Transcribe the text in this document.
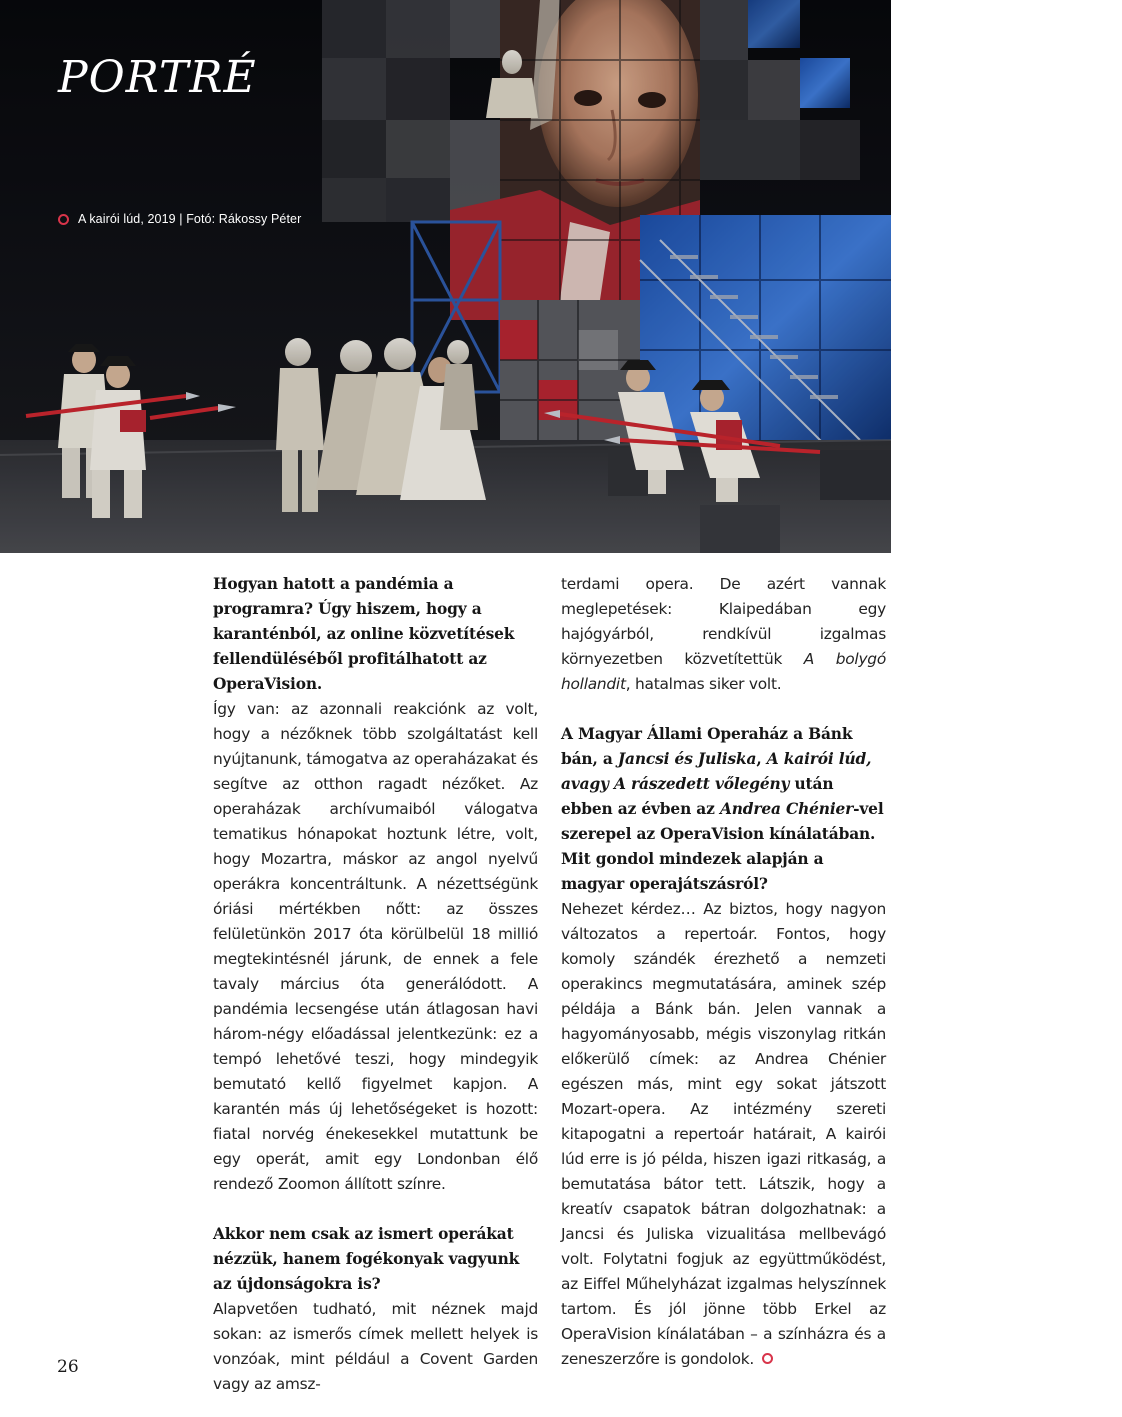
PORTRÉ
A kairói lúd, 2019 | Fotó: Rákossy Péter

Hogyan hatott a pandémia a programra? Úgy hiszem, hogy a karanténból, az online közvetítések fellendüléséből profitálhatott az OperaVision.

Így van: az azonnali reakciónk az volt, hogy a nézőknek több szolgáltatást kell nyújtanunk, támogatva az operaházakat és segítve az otthon ragadt nézőket. Az operaházak archívumaiból válogatva tematikus hónapokat hoztunk létre, volt, hogy Mozartra, máskor az angol nyelvű operákra koncentráltunk. A nézettségünk óriási mértékben nőtt: az összes felületünkön 2017 óta körülbelül 18 millió megtekintésnél járunk, de ennek a fele tavaly március óta generálódott. A pandémia lecsengése után átlagosan havi három-négy előadással jelentkezünk: ez a tempó lehetővé teszi, hogy mindegyik bemutató kellő figyelmet kapjon. A karantén más új lehetőségeket is hozott: fiatal norvég énekesekkel mutattunk be egy operát, amit egy Londonban élő rendező Zoomon állított színre.

Akkor nem csak az ismert operákat nézzük, hanem fogékonyak vagyunk az újdonságokra is?

Alapvetően tudható, mit néznek majd sokan: az ismerős címek mellett helyek is vonzóak, mint például a Covent Garden vagy az amsz-

terdami opera. De azért vannak meglepetések: Klaipedában egy hajógyárból, rendkívül izgalmas környezetben közvetítettük A bolygó hollandit, hatalmas siker volt.

A Magyar Állami Operaház a Bánk bán, a Jancsi és Juliska, A kairói lúd, avagy A rászedett vőlegény után ebben az évben az Andrea Chénier-vel szerepel az OperaVision kínálatában. Mit gondol mindezek alapján a magyar operajátszásról?

Nehezet kérdez… Az biztos, hogy nagyon változatos a repertoár. Fontos, hogy komoly szándék érezhető a nemzeti operakincs megmutatására, aminek szép példája a Bánk bán. Jelen vannak a hagyományosabb, mégis viszonylag ritkán előkerülő címek: az Andrea Chénier egészen más, mint egy sokat játszott Mozart-opera. Az intézmény szereti kitapogatni a repertoár határait, A kairói lúd erre is jó példa, hiszen igazi ritkaság, a bemutatása bátor tett. Látszik, hogy a kreatív csapatok bátran dolgozhatnak: a Jancsi és Juliska vizualitása mellbevágó volt. Folytatni fogjuk az együttműködést, az Eiffel Műhelyházat izgalmas helyszínnek tartom. És jól jönne több Erkel az OperaVision kínálatában – a színházra és a zeneszerzőre is gondolok.

26
